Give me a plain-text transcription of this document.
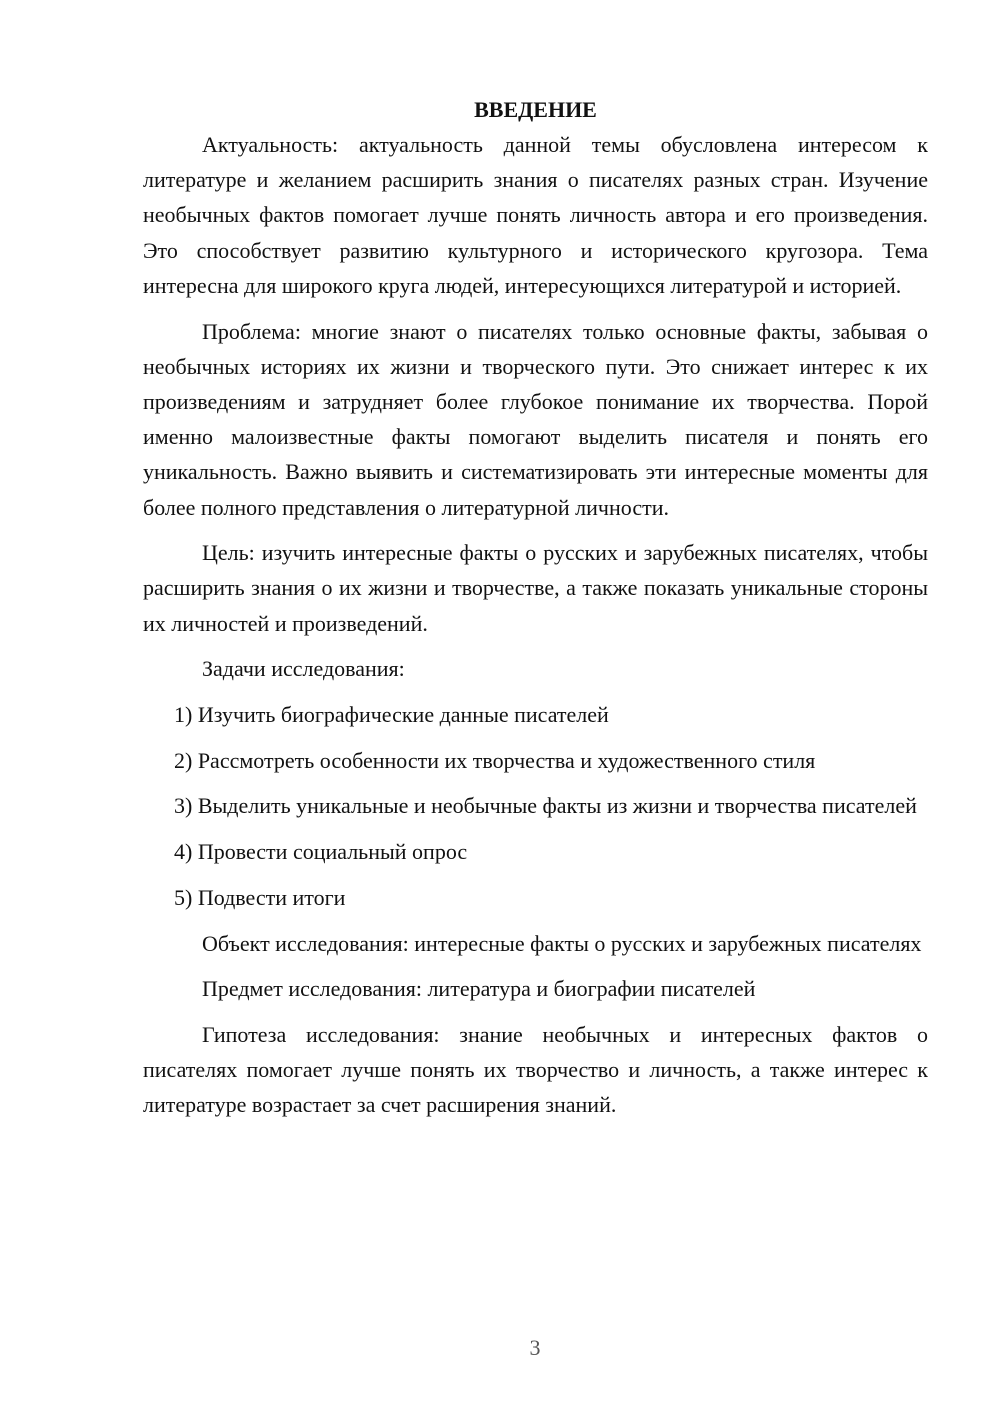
ВВЕДЕНИЕ

Актуальность: актуальность данной темы обусловлена интересом к литературе и желанием расширить знания о писателях разных стран. Изучение необычных фактов помогает лучше понять личность автора и его произведения. Это способствует развитию культурного и исторического кругозора. Тема интересна для широкого круга людей, интересующихся литературой и историей.

Проблема: многие знают о писателях только основные факты, забывая о необычных историях их жизни и творческого пути. Это снижает интерес к их произведениям и затрудняет более глубокое понимание их творчества. Порой именно малоизвестные факты помогают выделить писателя и понять его уникальность. Важно выявить и систематизировать эти интересные моменты для более полного представления о литературной личности.

Цель: изучить интересные факты о русских и зарубежных писателях, чтобы расширить знания о их жизни и творчестве, а также показать уникальные стороны их личностей и произведений.

Задачи исследования:

1) Изучить биографические данные писателей

2) Рассмотреть особенности их творчества и художественного стиля

3) Выделить уникальные и необычные факты из жизни и творчества писателей

4) Провести социальный опрос

5) Подвести итоги

Объект исследования: интересные факты о русских и зарубежных писателях

Предмет исследования: литература и биографии писателей

Гипотеза исследования: знание необычных и интересных фактов о писателях помогает лучше понять их творчество и личность, а также интерес к литературе возрастает за счет расширения знаний.

3
